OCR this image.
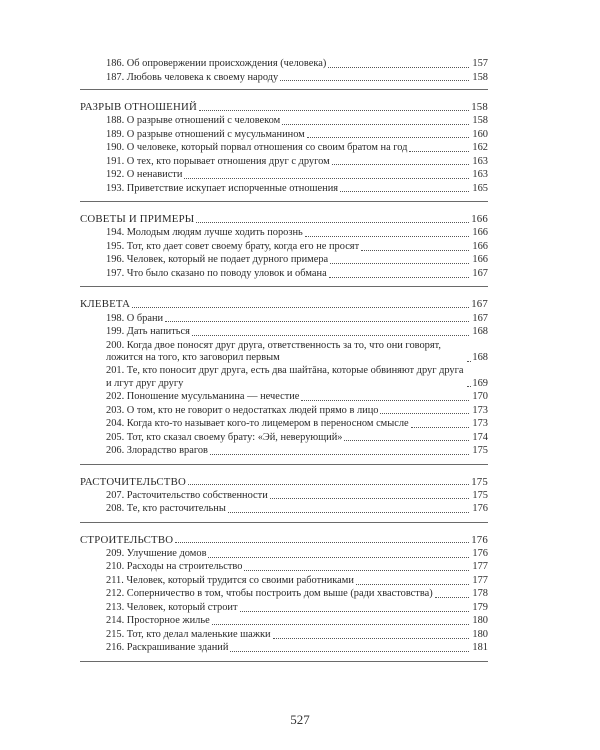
186. Об опровержении происхождения (человека)	157
187. Любовь человека к своему народу	158
РАЗРЫВ ОТНОШЕНИЙ	158
188. О разрыве отношений с человеком	158
189. О разрыве отношений с мусульманином	160
190. О человеке, который порвал отношения со своим братом на год	162
191. О тех, кто порывает отношения друг с другом	163
192. О ненависти	163
193. Приветствие искупает испорченные отношения	165
СОВЕТЫ И ПРИМЕРЫ	166
194. Молодым людям лучше ходить порознь	166
195. Тот, кто дает совет своему брату, когда его не просят	166
196. Человек, который не подает дурного примера	166
197. Что было сказано по поводу уловок и обмана	167
КЛЕВЕТА	167
198. О брани	167
199. Дать напиться	168
200. Когда двое поносят друг друга, ответственность за то, что они говорят, ложится на того, кто заговорил первым	168
201. Те, кто поносит друг друга, есть два шайтāна, которые обвиняют друг друга и лгут друг другу	169
202. Поношение мусульманина — нечестие	170
203. О том, кто не говорит о недостатках людей прямо в лицо	173
204. Когда кто-то называет кого-то лицемером в переносном смысле	173
205. Тот, кто сказал своему брату: «Эй, неверующий»	174
206. Злорадство врагов	175
РАСТОЧИТЕЛЬСТВО	175
207. Расточительство собственности	175
208. Те, кто расточительны	176
СТРОИТЕЛЬСТВО	176
209. Улучшение домов	176
210. Расходы на строительство	177
211. Человек, который трудится со своими работниками	177
212. Соперничество в том, чтобы построить дом выше (ради хвастовства)	178
213. Человек, который строит	179
214. Просторное жилье	180
215. Тот, кто делал маленькие шажки	180
216. Раскрашивание зданий	181
527
